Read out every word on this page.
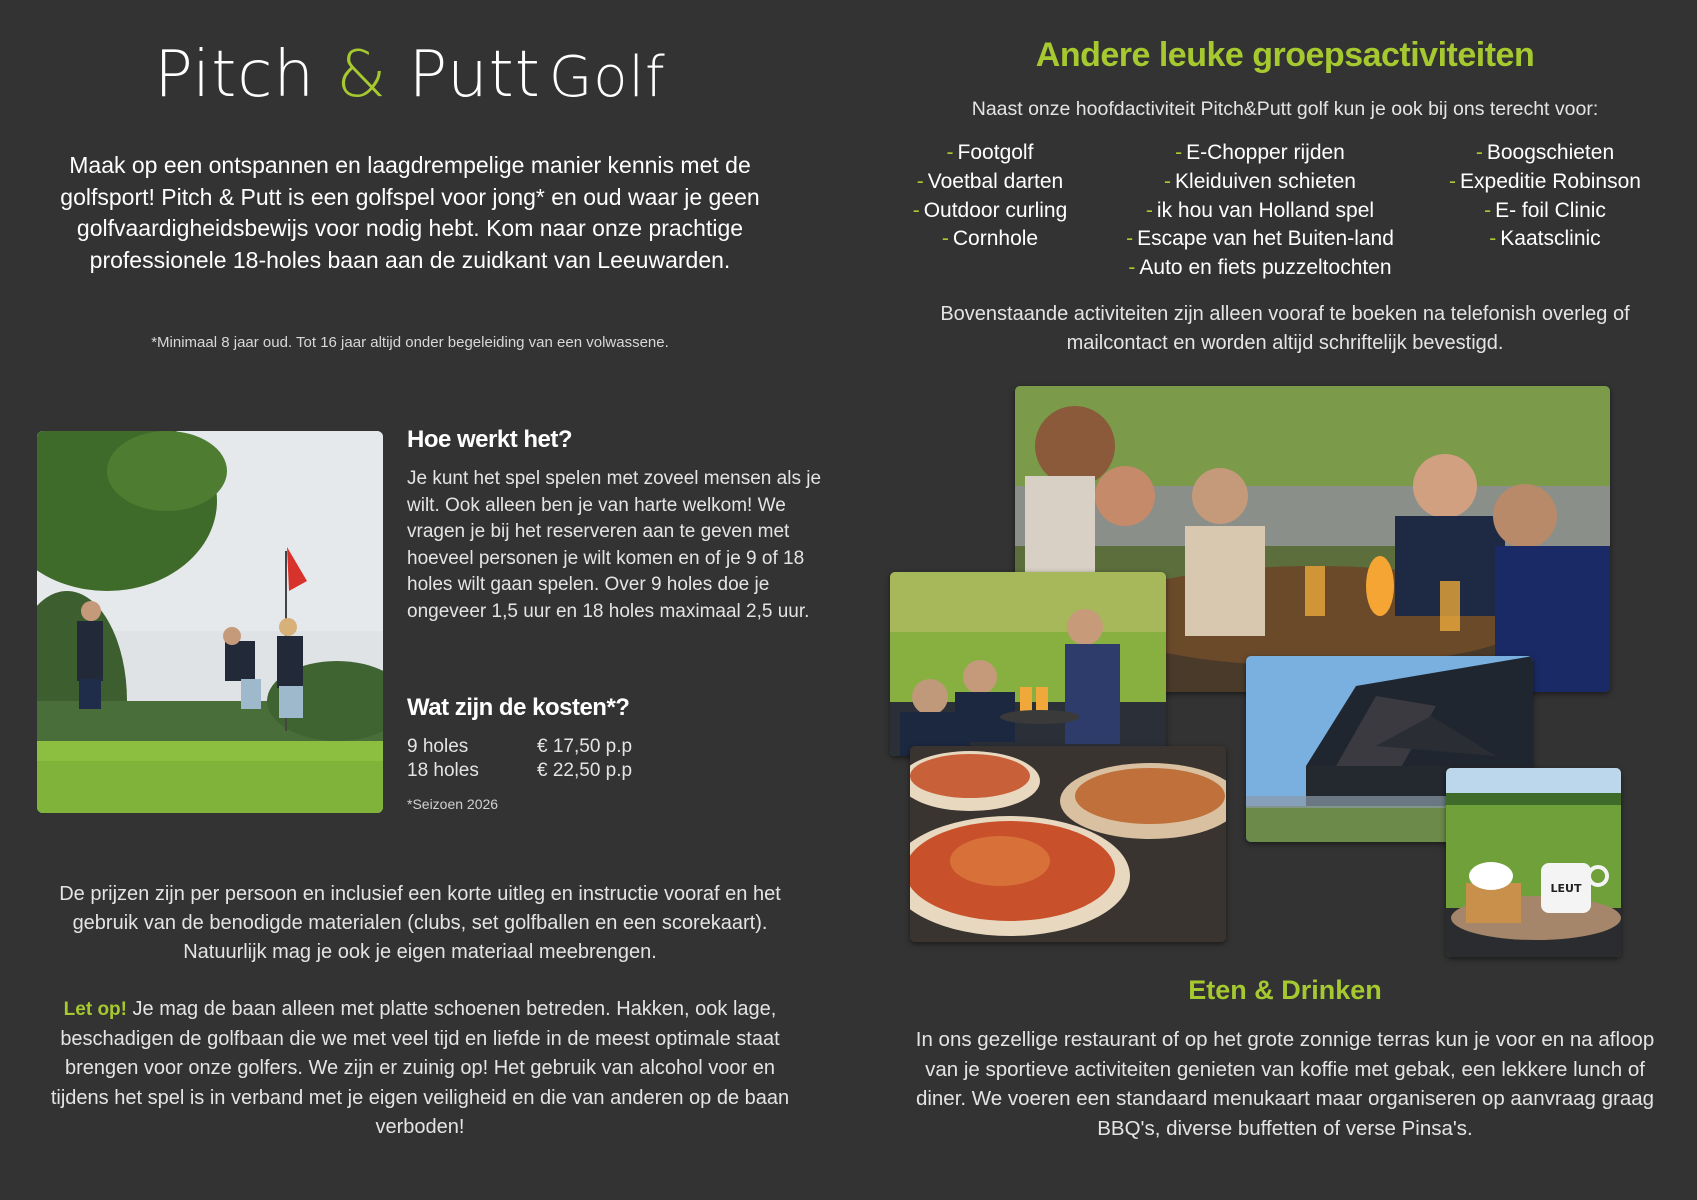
Pitch & Putt Golf
Maak op een ontspannen en laagdrempelige manier kennis met de golfsport! Pitch & Putt is een golfspel voor jong* en oud waar je geen golfvaardigheidsbewijs voor nodig hebt. Kom naar onze prachtige professionele 18-holes baan aan de zuidkant van Leeuwarden.
*Minimaal 8 jaar oud. Tot 16 jaar altijd onder begeleiding van een volwassene.
Hoe werkt het?
Je kunt het spel spelen met zoveel mensen als je wilt. Ook alleen ben je van harte welkom! We vragen je bij het reserveren aan te geven met hoeveel personen je wilt komen en of je 9 of 18 holes wilt gaan spelen. Over 9 holes doe je ongeveer 1,5 uur en 18 holes maximaal 2,5 uur.
Wat zijn de kosten*?
9 holes	€ 17,50 p.p
18 holes	€ 22,50 p.p
*Seizoen 2026
De prijzen zijn per persoon en inclusief een korte uitleg en instructie vooraf en het gebruik van de benodigde materialen (clubs, set golfballen en een scorekaart). Natuurlijk mag je ook je eigen materiaal meebrengen.
Let op! Je mag de baan alleen met platte schoenen betreden. Hakken, ook lage, beschadigen de golfbaan die we met veel tijd en liefde in de meest optimale staat brengen voor onze golfers. We zijn er zuinig op! Het gebruik van alcohol voor en tijdens het spel is in verband met je eigen veiligheid en die van anderen op de baan verboden!
Andere leuke groepsactiviteiten
Naast onze hoofdactiviteit Pitch&Putt golf kun je ook bij ons terecht voor:
- Footgolf
- Voetbal darten
- Outdoor curling
- Cornhole
- E-Chopper rijden
- Kleiduiven schieten
- ik hou van Holland spel
- Escape van het Buiten-land
- Auto en fiets puzzeltochten
- Boogschieten
- Expeditie Robinson
- E- foil Clinic
- Kaatsclinic
Bovenstaande activiteiten zijn alleen vooraf te boeken na telefonish overleg of mailcontact en worden altijd schriftelijk bevestigd.
LEUT
Eten & Drinken
In ons gezellige restaurant of op het grote zonnige terras kun je voor en na afloop van je sportieve activiteiten genieten van koffie met gebak, een lekkere lunch of diner. We voeren een standaard menukaart maar organiseren op aanvraag graag BBQ's, diverse buffetten of verse Pinsa's.
